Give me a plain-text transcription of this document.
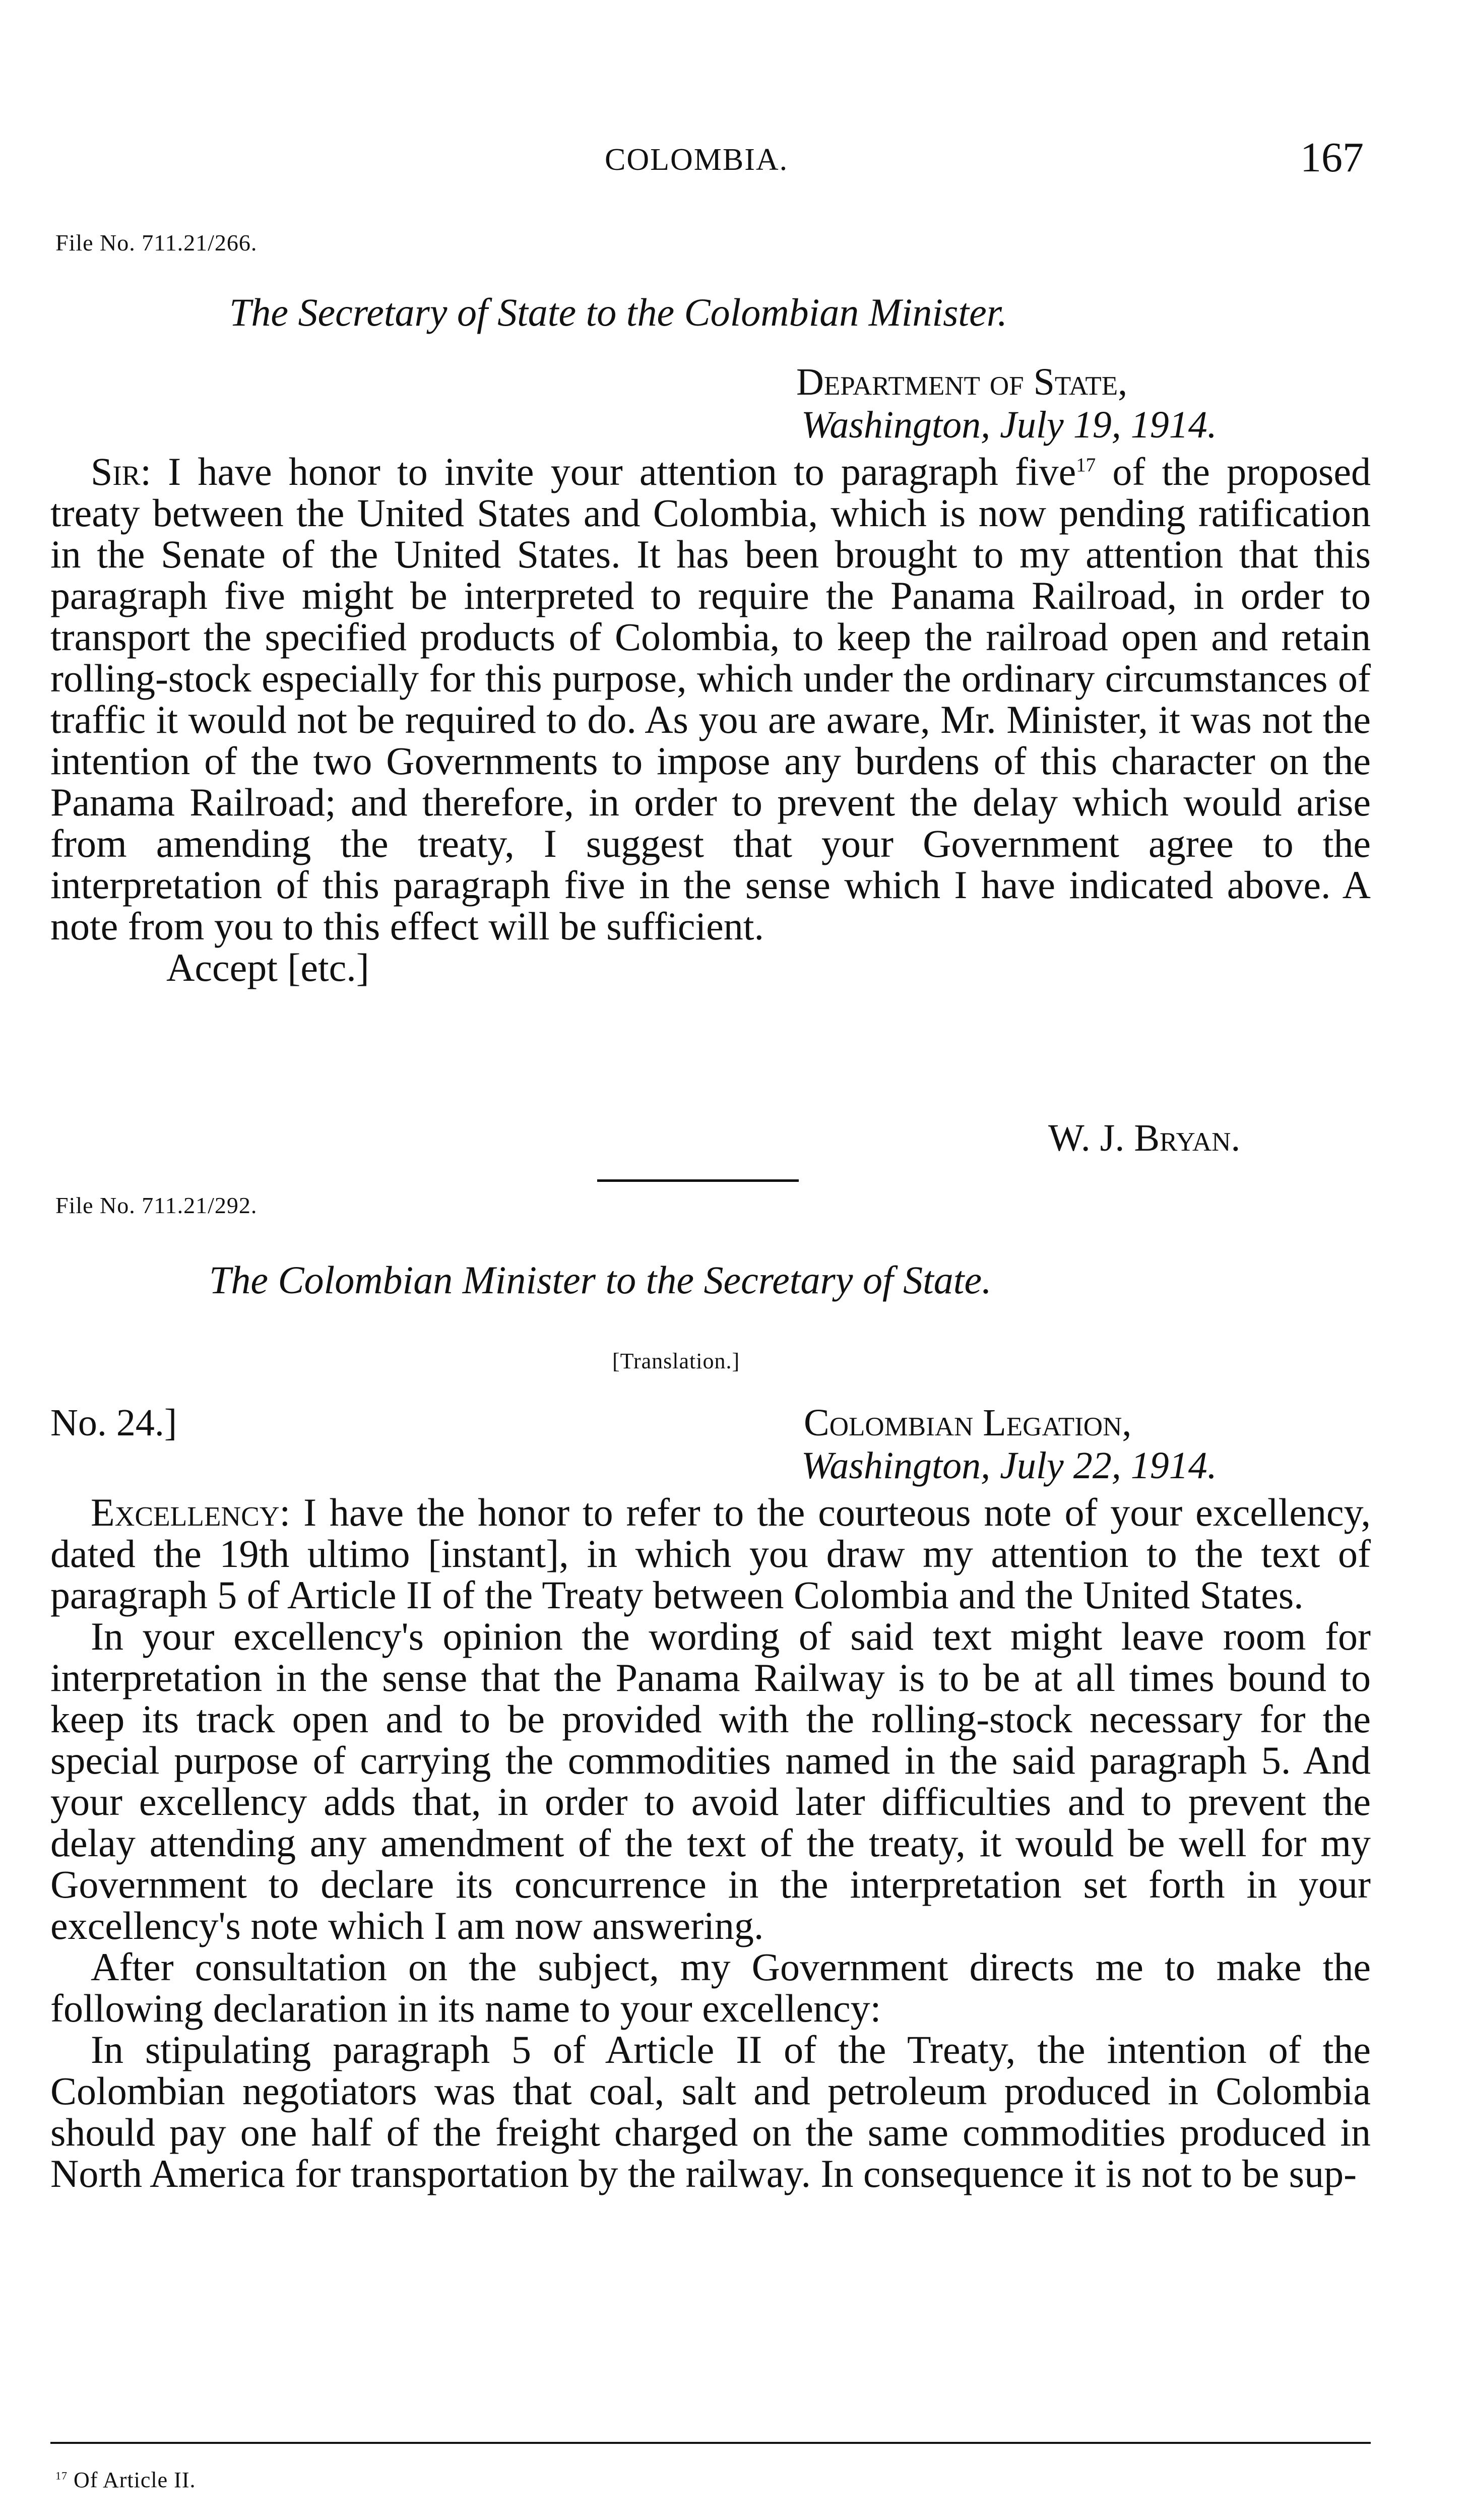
COLOMBIA.	167
File No. 711.21/266.
The Secretary of State to the Colombian Minister.
Department of State,
Washington, July 19, 1914.

Sir: I have honor to invite your attention to paragraph five$^{17}$ of the proposed treaty between the United States and Colombia, which is now pending ratification in the Senate of the United States. It has been brought to my attention that this paragraph five might be interpreted to require the Panama Railroad, in order to transport the specified products of Colombia, to keep the railroad open and retain rolling-stock especially for this purpose, which under the ordinary circumstances of traffic it would not be required to do. As you are aware, Mr. Minister, it was not the intention of the two Governments to impose any burdens of this character on the Panama Railroad; and therefore, in order to prevent the delay which would arise from amending the treaty, I suggest that your Government agree to the interpretation of this paragraph five in the sense which I have indicated above. A note from you to this effect will be sufficient.

Accept [etc.]

W. J. Bryan.
File No. 711.21/292.
The Colombian Minister to the Secretary of State.
[Translation.]
No. 24.]	Colombian Legation,
Washington, July 22, 1914.

Excellency: I have the honor to refer to the courteous note of your excellency, dated the 19th ultimo [instant], in which you draw my attention to the text of paragraph 5 of Article II of the Treaty between Colombia and the United States.

In your excellency's opinion the wording of said text might leave room for interpretation in the sense that the Panama Railway is to be at all times bound to keep its track open and to be provided with the rolling-stock necessary for the special purpose of carrying the commodities named in the said paragraph 5. And your excellency adds that, in order to avoid later difficulties and to prevent the delay attending any amendment of the text of the treaty, it would be well for my Government to declare its concurrence in the interpretation set forth in your excellency's note which I am now answering.

After consultation on the subject, my Government directs me to make the following declaration in its name to your excellency:

In stipulating paragraph 5 of Article II of the Treaty, the intention of the Colombian negotiators was that coal, salt and petroleum produced in Colombia should pay one half of the freight charged on the same commodities produced in North America for transportation by the railway. In consequence it is not to be sup-

$^{17}$ Of Article II.
